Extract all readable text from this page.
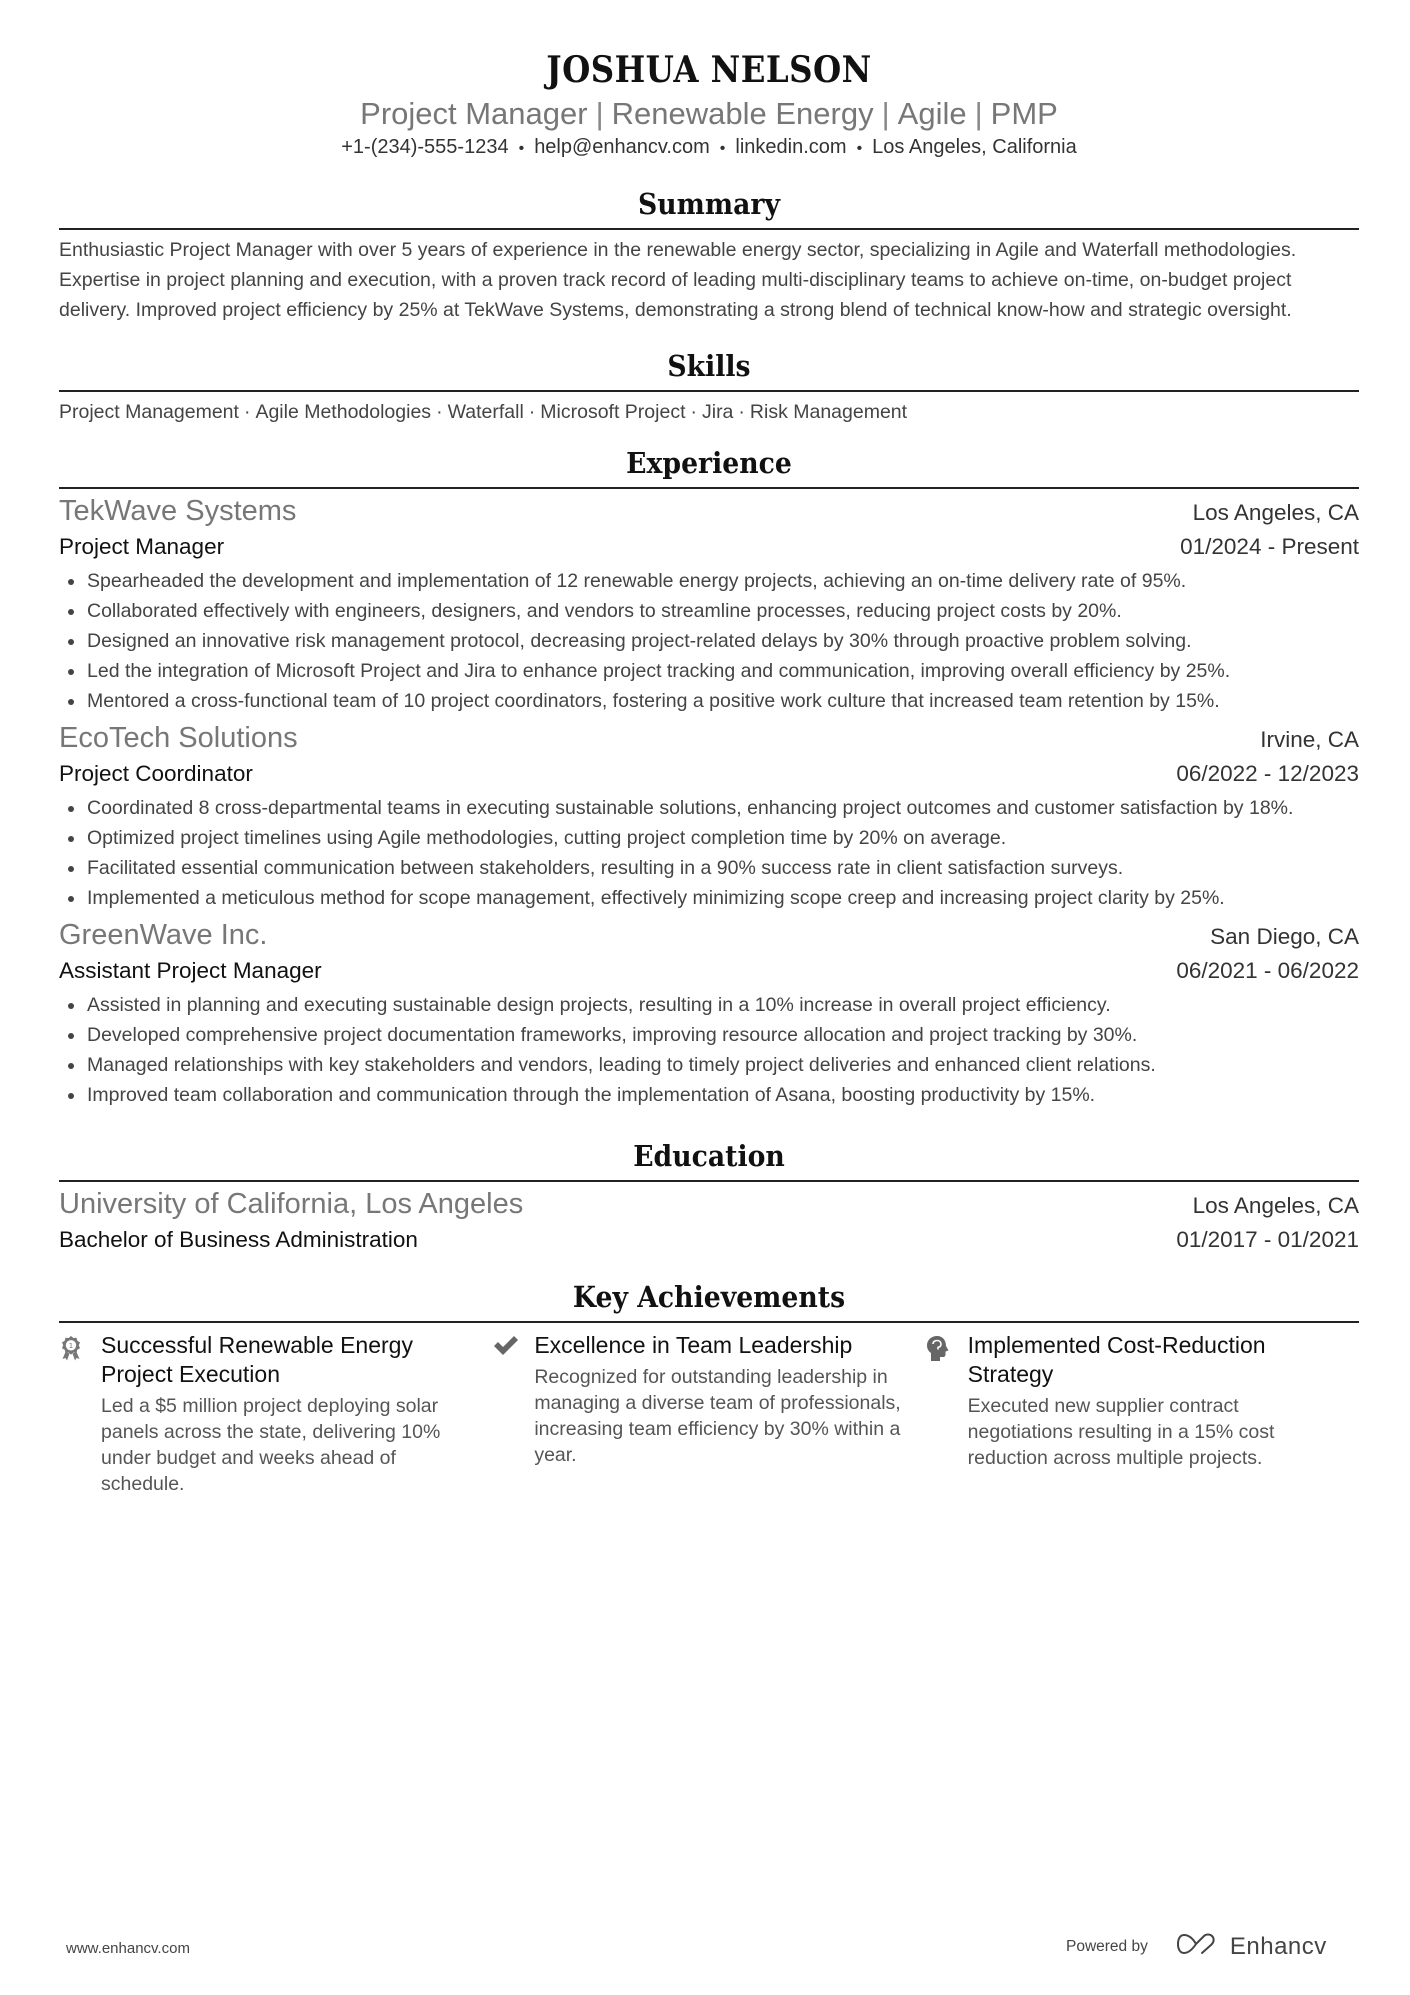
JOSHUA NELSON
Project Manager | Renewable Energy | Agile | PMP
+1-(234)-555-1234 • help@enhancv.com • linkedin.com • Los Angeles, California
Summary

Enthusiastic Project Manager with over 5 years of experience in the renewable energy sector, specializing in Agile and Waterfall methodologies. Expertise in project planning and execution, with a proven track record of leading multi-disciplinary teams to achieve on-time, on-budget project delivery. Improved project efficiency by 25% at TekWave Systems, demonstrating a strong blend of technical know-how and strategic oversight.

Skills
Project Management · Agile Methodologies · Waterfall · Microsoft Project · Jira · Risk Management
Experience
TekWave Systems	Los Angeles, CA
Project Manager	01/2024 - Present
Spearheaded the development and implementation of 12 renewable energy projects, achieving an on-time delivery rate of 95%.
Collaborated effectively with engineers, designers, and vendors to streamline processes, reducing project costs by 20%.
Designed an innovative risk management protocol, decreasing project-related delays by 30% through proactive problem solving.
Led the integration of Microsoft Project and Jira to enhance project tracking and communication, improving overall efficiency by 25%.
Mentored a cross-functional team of 10 project coordinators, fostering a positive work culture that increased team retention by 15%.
EcoTech Solutions	Irvine, CA
Project Coordinator	06/2022 - 12/2023
Coordinated 8 cross-departmental teams in executing sustainable solutions, enhancing project outcomes and customer satisfaction by 18%.
Optimized project timelines using Agile methodologies, cutting project completion time by 20% on average.
Facilitated essential communication between stakeholders, resulting in a 90% success rate in client satisfaction surveys.
Implemented a meticulous method for scope management, effectively minimizing scope creep and increasing project clarity by 25%.
GreenWave Inc.	San Diego, CA
Assistant Project Manager	06/2021 - 06/2022
Assisted in planning and executing sustainable design projects, resulting in a 10% increase in overall project efficiency.
Developed comprehensive project documentation frameworks, improving resource allocation and project tracking by 30%.
Managed relationships with key stakeholders and vendors, leading to timely project deliveries and enhanced client relations.
Improved team collaboration and communication through the implementation of Asana, boosting productivity by 15%.
Education
University of California, Los Angeles	Los Angeles, CA
Bachelor of Business Administration	01/2017 - 01/2021
Key Achievements
1 Successful Renewable Energy Project Execution
Led a $5 million project deploying solar panels across the state, delivering 10% under budget and weeks ahead of schedule.
Excellence in Team Leadership
Recognized for outstanding leadership in managing a diverse team of professionals, increasing team efficiency by 30% within a year.
Implemented Cost-Reduction Strategy
Executed new supplier contract negotiations resulting in a 15% cost reduction across multiple projects.
www.enhancv.com	Powered by	Enhancv
